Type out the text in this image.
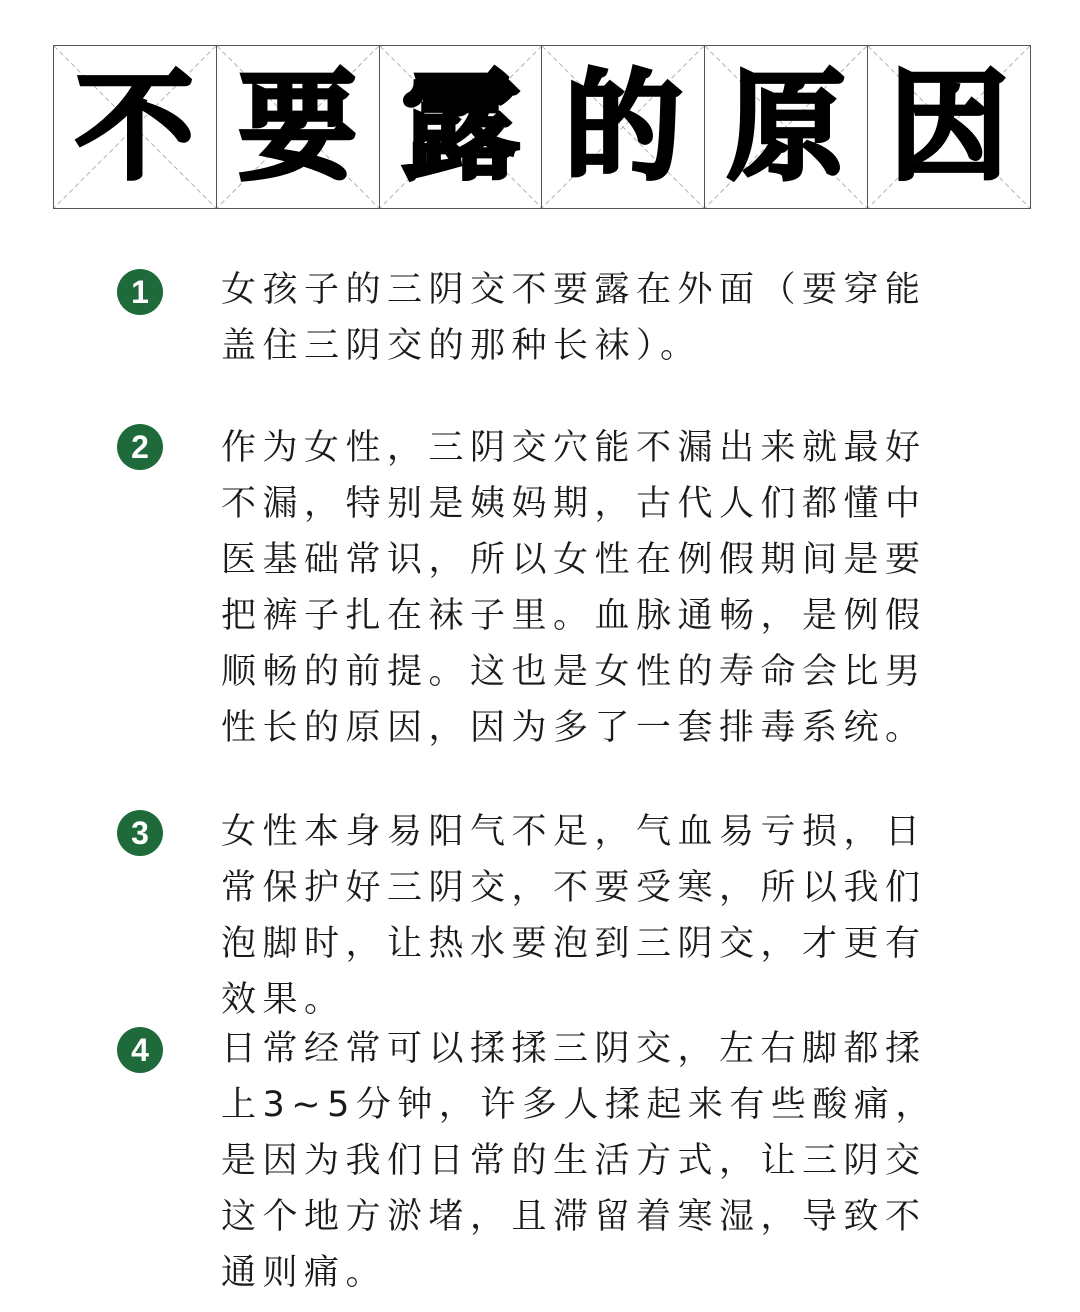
不 要 露 的 原 因
1	女孩子的三阴交不要露在外面（要穿能盖住三阴交的那种长袜）。

2	作为女性，三阴交穴能不漏出来就最好不漏，特别是姨妈期，古代人们都懂中医基础常识，所以女性在例假期间是要把裤子扎在袜子里。血脉通畅，是例假顺畅的前提。这也是女性的寿命会比男性长的原因，因为多了一套排毒系统。

3	女性本身易阳气不足，气血易亏损，日常保护好三阴交，不要受寒，所以我们泡脚时，让热水要泡到三阴交，才更有效果。

4	日常经常可以揉揉三阴交，左右脚都揉上3~5分钟，许多人揉起来有些酸痛，是因为我们日常的生活方式，让三阴交这个地方淤堵，且滞留着寒湿，导致不通则痛。
